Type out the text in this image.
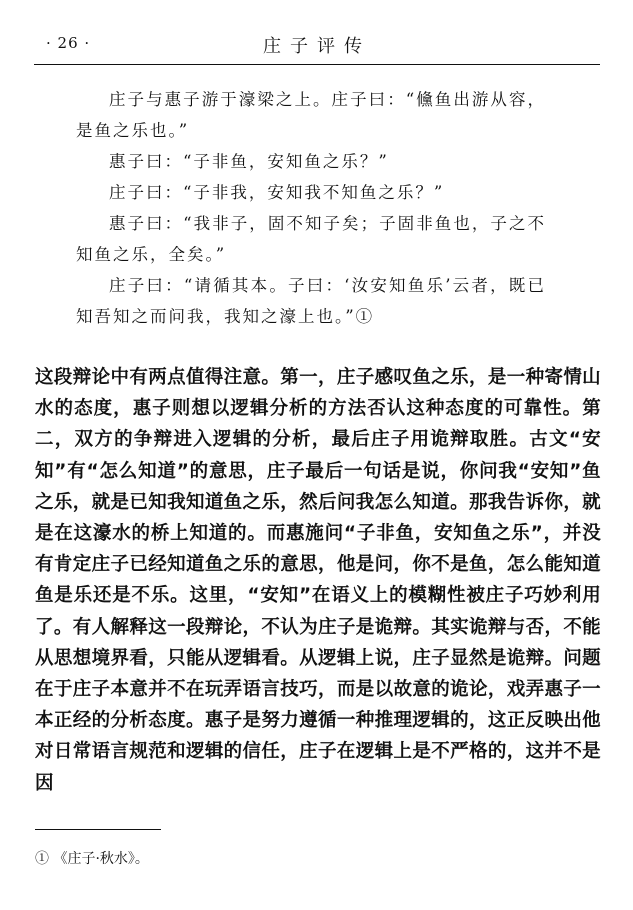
· 26 ·	庄子评传

庄子与惠子游于濠梁之上。庄子曰：“儵鱼出游从容，是鱼之乐也。”

惠子曰：“子非鱼，安知鱼之乐？”

庄子曰：“子非我，安知我不知鱼之乐？”

惠子曰：“我非子，固不知子矣；子固非鱼也，子之不知鱼之乐，全矣。”

庄子曰：“请循其本。子曰：‘汝安知鱼乐’云者，既已知吾知之而问我，我知之濠上也。”①

这段辩论中有两点值得注意。第一，庄子感叹鱼之乐，是一种寄情山水的态度，惠子则想以逻辑分析的方法否认这种态度的可靠性。第二，双方的争辩进入逻辑的分析，最后庄子用诡辩取胜。古文“安知”有“怎么知道”的意思，庄子最后一句话是说，你问我“安知”鱼之乐，就是已知我知道鱼之乐，然后问我怎么知道。那我告诉你，就是在这濠水的桥上知道的。而惠施问“子非鱼，安知鱼之乐”，并没有肯定庄子已经知道鱼之乐的意思，他是问，你不是鱼，怎么能知道鱼是乐还是不乐。这里，“安知”在语义上的模糊性被庄子巧妙利用了。有人解释这一段辩论，不认为庄子是诡辩。其实诡辩与否，不能从思想境界看，只能从逻辑看。从逻辑上说，庄子显然是诡辩。问题在于庄子本意并不在玩弄语言技巧，而是以故意的诡论，戏弄惠子一本正经的分析态度。惠子是努力遵循一种推理逻辑的，这正反映出他对日常语言规范和逻辑的信任，庄子在逻辑上是不严格的，这并不是因

① 《庄子·秋水》。
